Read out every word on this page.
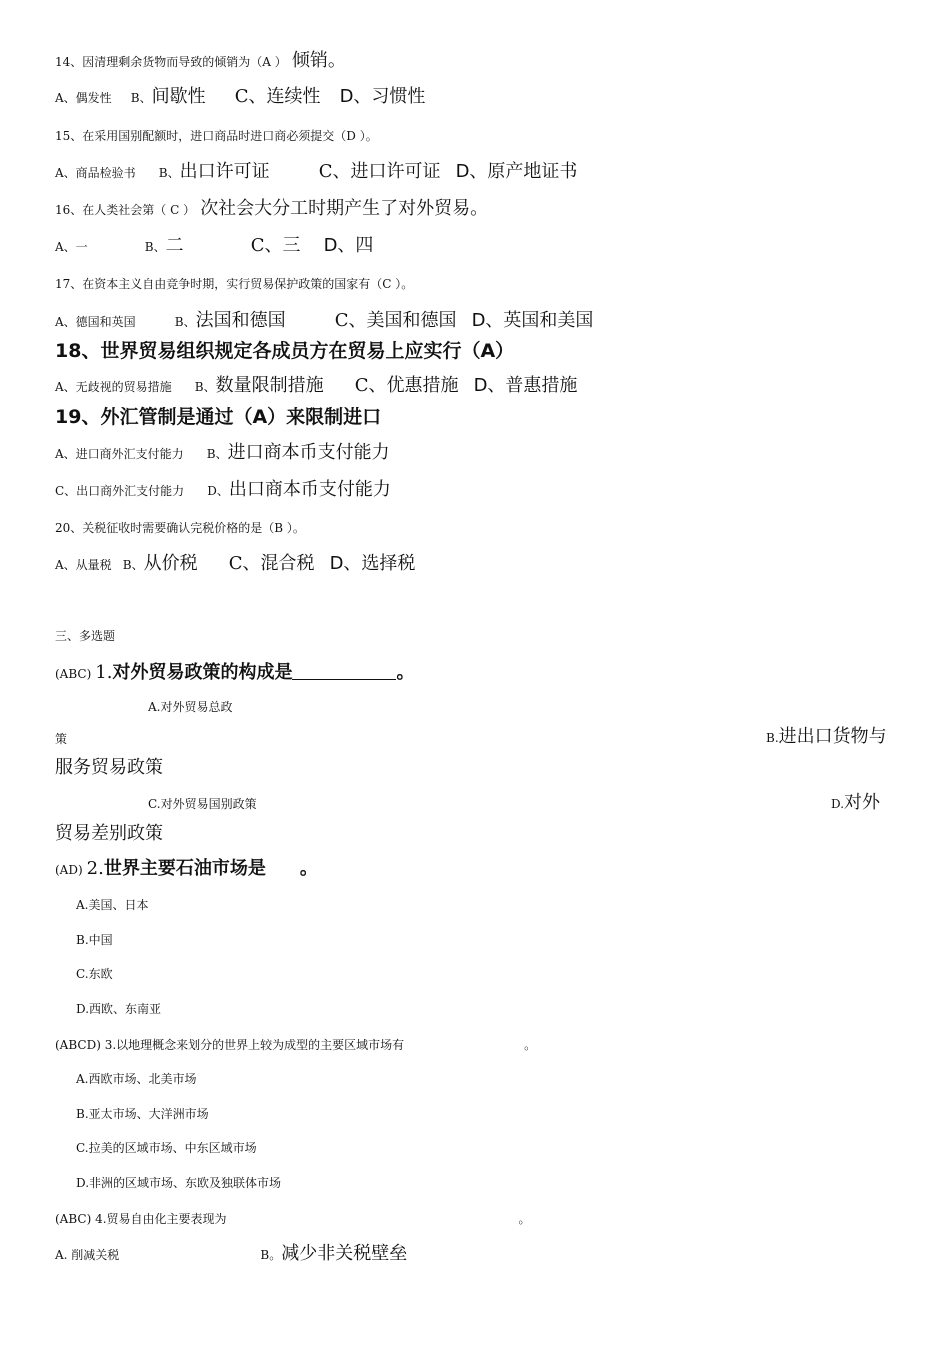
14、因清理剩余货物而导致的倾销为（A ） 倾销。
A、偶发性 B、间歇性 C、连续性 D、习惯性
15、在采用国别配额时，进口商品时进口商必须提交（D ）。
A、商品检验书 B、出口许可证	C、进口许可证 D、原产地证书
16、在人类社会第（ C ） 次社会大分工时期产生了对外贸易。
A、一	B、二	C、三 D、四
17、在资本主义自由竞争时期，实行贸易保护政策的国家有（C ）。
A、德国和英国	B、法国和德国	C、美国和德国 D、英国和美国
18、世界贸易组织规定各成员方在贸易上应实行（A）
A、无歧视的贸易措施 B、数量限制措施 C、优惠措施 D、普惠措施
19、外汇管制是通过（A）来限制进口
A、进口商外汇支付能力 B、进口商本币支付能力
C、出口商外汇支付能力 D、出口商本币支付能力
20、关税征收时需要确认完税价格的是（B ）。
A、从量税 B、从价税 C、混合税 D、选择税
三、多选题
(ABC) 1.对外贸易政策的构成是	。
A.对外贸易总政
策	B.进出口货物与
服务贸易政策
C.对外贸易国别政策	D.对外
贸易差别政策
(AD) 2.世界主要石油市场是 。
A.美国、日本
B.中国
C.东欧
D.西欧、东南亚
(ABCD) 3.以地理概念来划分的世界上较为成型的主要区域市场有	。
A.西欧市场、北美市场
B.亚太市场、大洋洲市场
C.拉美的区域市场、中东区域市场
D.非洲的区域市场、东欧及独联体市场
(ABC) 4.贸易自由化主要表现为	。
A. 削减关税	B。减少非关税壁垒
